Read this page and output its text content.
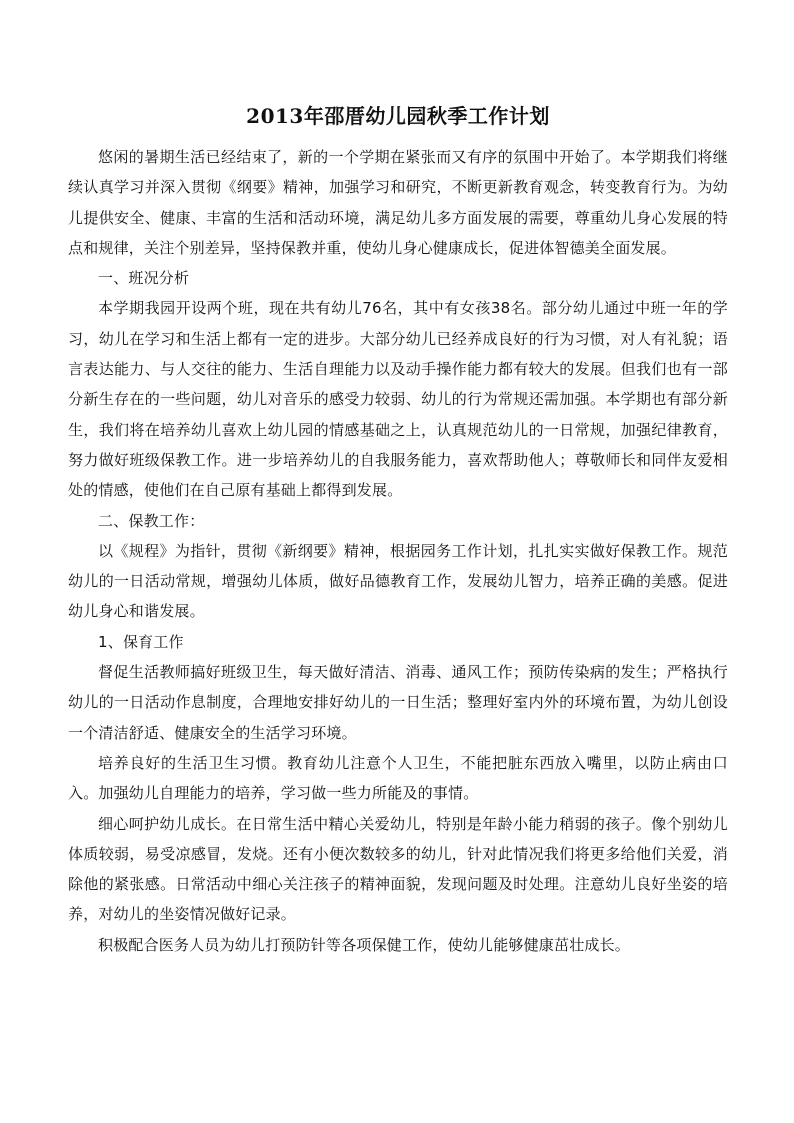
2013年邵厝幼儿园秋季工作计划

悠闲的暑期生活已经结束了，新的一个学期在紧张而又有序的氛围中开始了。本学期我们将继续认真学习并深入贯彻《纲要》精神，加强学习和研究，不断更新教育观念，转变教育行为。为幼儿提供安全、健康、丰富的生活和活动环境，满足幼儿多方面发展的需要，尊重幼儿身心发展的特点和规律，关注个别差异，坚持保教并重，使幼儿身心健康成长，促进体智德美全面发展。

一、班况分析

本学期我园开设两个班，现在共有幼儿76名，其中有女孩38名。部分幼儿通过中班一年的学习，幼儿在学习和生活上都有一定的进步。大部分幼儿已经养成良好的行为习惯，对人有礼貌；语言表达能力、与人交往的能力、生活自理能力以及动手操作能力都有较大的发展。但我们也有一部分新生存在的一些问题，幼儿对音乐的感受力较弱、幼儿的行为常规还需加强。本学期也有部分新生，我们将在培养幼儿喜欢上幼儿园的情感基础之上，认真规范幼儿的一日常规，加强纪律教育，努力做好班级保教工作。进一步培养幼儿的自我服务能力，喜欢帮助他人；尊敬师长和同伴友爱相处的情感，使他们在自己原有基础上都得到发展。

二、保教工作：

以《规程》为指针，贯彻《新纲要》精神，根据园务工作计划，扎扎实实做好保教工作。规范幼儿的一日活动常规，增强幼儿体质，做好品德教育工作，发展幼儿智力，培养正确的美感。促进幼儿身心和谐发展。

1、保育工作

督促生活教师搞好班级卫生，每天做好清洁、消毒、通风工作；预防传染病的发生；严格执行幼儿的一日活动作息制度，合理地安排好幼儿的一日生活；整理好室内外的环境布置，为幼儿创设一个清洁舒适、健康安全的生活学习环境。

培养良好的生活卫生习惯。教育幼儿注意个人卫生，不能把脏东西放入嘴里，以防止病由口入。加强幼儿自理能力的培养，学习做一些力所能及的事情。

细心呵护幼儿成长。在日常生活中精心关爱幼儿，特别是年龄小能力稍弱的孩子。像个别幼儿体质较弱，易受凉感冒，发烧。还有小便次数较多的幼儿，针对此情况我们将更多给他们关爱，消除他的紧张感。日常活动中细心关注孩子的精神面貌，发现问题及时处理。注意幼儿良好坐姿的培养，对幼儿的坐姿情况做好记录。

积极配合医务人员为幼儿打预防针等各项保健工作，使幼儿能够健康茁壮成长。
